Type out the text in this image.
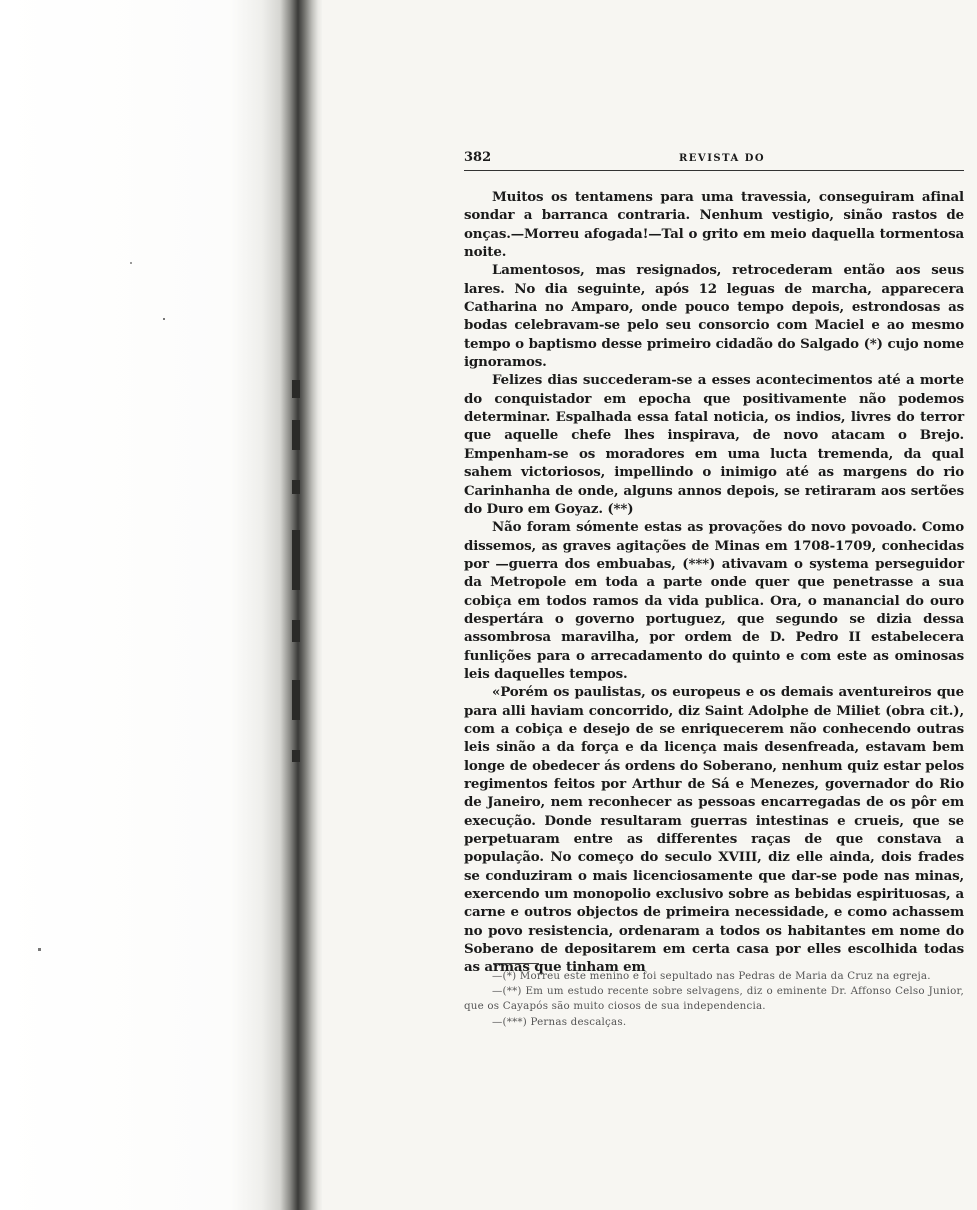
382	REVISTA DO

Muitos os tentamens para uma travessia, conseguiram afinal sondar a barranca contraria. Nenhum vestigio, sinão rastos de onças.—Morreu afogada!—Tal o grito em meio daquella tormentosa noite.

Lamentosos, mas resignados, retrocederam então aos seus lares. No dia seguinte, após 12 leguas de marcha, apparecera Catharina no Amparo, onde pouco tempo depois, estrondosas as bodas celebravam-se pelo seu consorcio com Maciel e ao mesmo tempo o baptismo desse primeiro cidadão do Salgado (*) cujo nome ignoramos.

Felizes dias succederam-se a esses acontecimentos até a morte do conquistador em epocha que positivamente não podemos determinar. Espalhada essa fatal noticia, os indios, livres do terror que aquelle chefe lhes inspirava, de novo atacam o Brejo. Empenham-se os moradores em uma lucta tremenda, da qual sahem victoriosos, impellindo o inimigo até as margens do rio Carinhanha de onde, alguns annos depois, se retiraram aos sertões do Duro em Goyaz. (**)

Não foram sómente estas as provações do novo povoado. Como dissemos, as graves agitações de Minas em 1708-1709, conhecidas por —guerra dos embuabas, (***) ativavam o systema perseguidor da Metropole em toda a parte onde quer que penetrasse a sua cobiça em todos ramos da vida publica. Ora, o manancial do ouro despertára o governo portuguez, que segundo se dizia dessa assombrosa maravilha, por ordem de D. Pedro II estabelecera funlições para o arrecadamento do quinto e com este as ominosas leis daquelles tempos.

«Porém os paulistas, os europeus e os demais aventureiros que para alli haviam concorrido, diz Saint Adolphe de Miliet (obra cit.), com a cobiça e desejo de se enriquecerem não conhecendo outras leis sinão a da força e da licença mais desenfreada, estavam bem longe de obedecer ás ordens do Soberano, nenhum quiz estar pelos regimentos feitos por Arthur de Sá e Menezes, governador do Rio de Janeiro, nem reconhecer as pessoas encarregadas de os pôr em execução. Donde resultaram guerras intestinas e crueis, que se perpetuaram entre as differentes raças de que constava a população. No começo do seculo XVIII, diz elle ainda, dois frades se conduziram o mais licenciosamente que dar-se pode nas minas, exercendo um monopolio exclusivo sobre as bebidas espirituosas, a carne e outros objectos de primeira necessidade, e como achassem no povo resistencia, ordenaram a todos os habitantes em nome do Soberano de depositarem em certa casa por elles escolhida todas as armas que tinham em

—(*) Morreu este menino e foi sepultado nas Pedras de Maria da Cruz na egreja.

—(**) Em um estudo recente sobre selvagens, diz o eminente Dr. Affonso Celso Junior, que os Cayapós são muito ciosos de sua independencia.

—(***) Pernas descalças.
